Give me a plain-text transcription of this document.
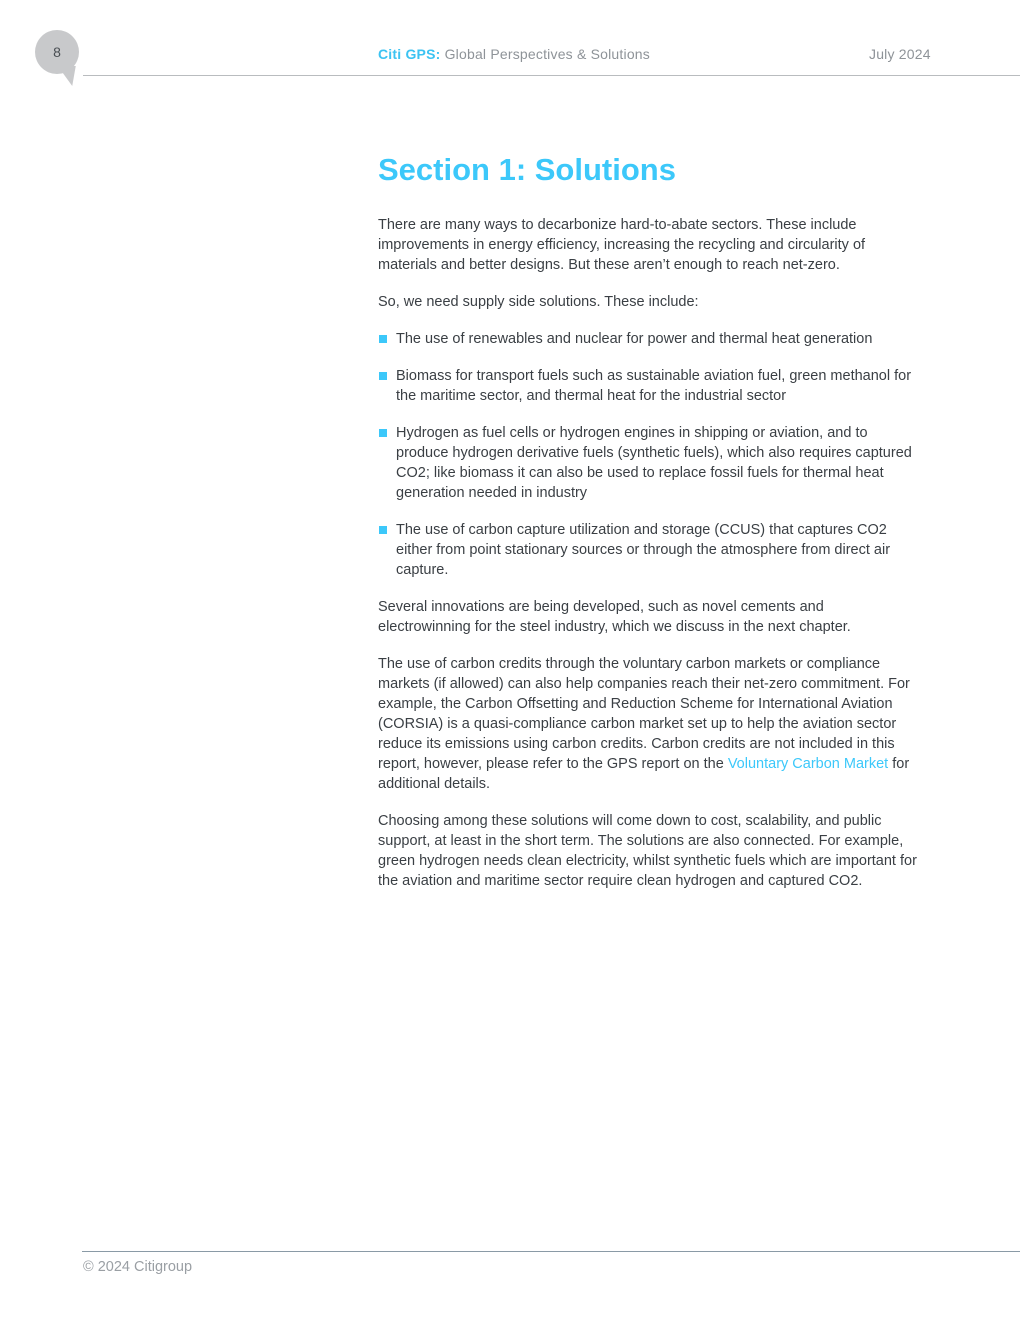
8	Citi GPS: Global Perspectives & Solutions	July 2024
Section 1: Solutions

There are many ways to decarbonize hard-to-abate sectors. These include
improvements in energy efficiency, increasing the recycling and circularity of
materials and better designs. But these aren’t enough to reach net-zero.

So, we need supply side solutions. These include:

The use of renewables and nuclear for power and thermal heat generation
Biomass for transport fuels such as sustainable aviation fuel, green methanol for
the maritime sector, and thermal heat for the industrial sector
Hydrogen as fuel cells or hydrogen engines in shipping or aviation, and to
produce hydrogen derivative fuels (synthetic fuels), which also requires captured
CO2; like biomass it can also be used to replace fossil fuels for thermal heat
generation needed in industry
The use of carbon capture utilization and storage (CCUS) that captures CO2
either from point stationary sources or through the atmosphere from direct air
capture.

Several innovations are being developed, such as novel cements and
electrowinning for the steel industry, which we discuss in the next chapter.

The use of carbon credits through the voluntary carbon markets or compliance
markets (if allowed) can also help companies reach their net-zero commitment. For
example, the Carbon Offsetting and Reduction Scheme for International Aviation
(CORSIA) is a quasi-compliance carbon market set up to help the aviation sector
reduce its emissions using carbon credits. Carbon credits are not included in this
report, however, please refer to the GPS report on the Voluntary Carbon Market for
additional details.

Choosing among these solutions will come down to cost, scalability, and public
support, at least in the short term. The solutions are also connected. For example,
green hydrogen needs clean electricity, whilst synthetic fuels which are important for
the aviation and maritime sector require clean hydrogen and captured CO2.

© 2024 Citigroup
